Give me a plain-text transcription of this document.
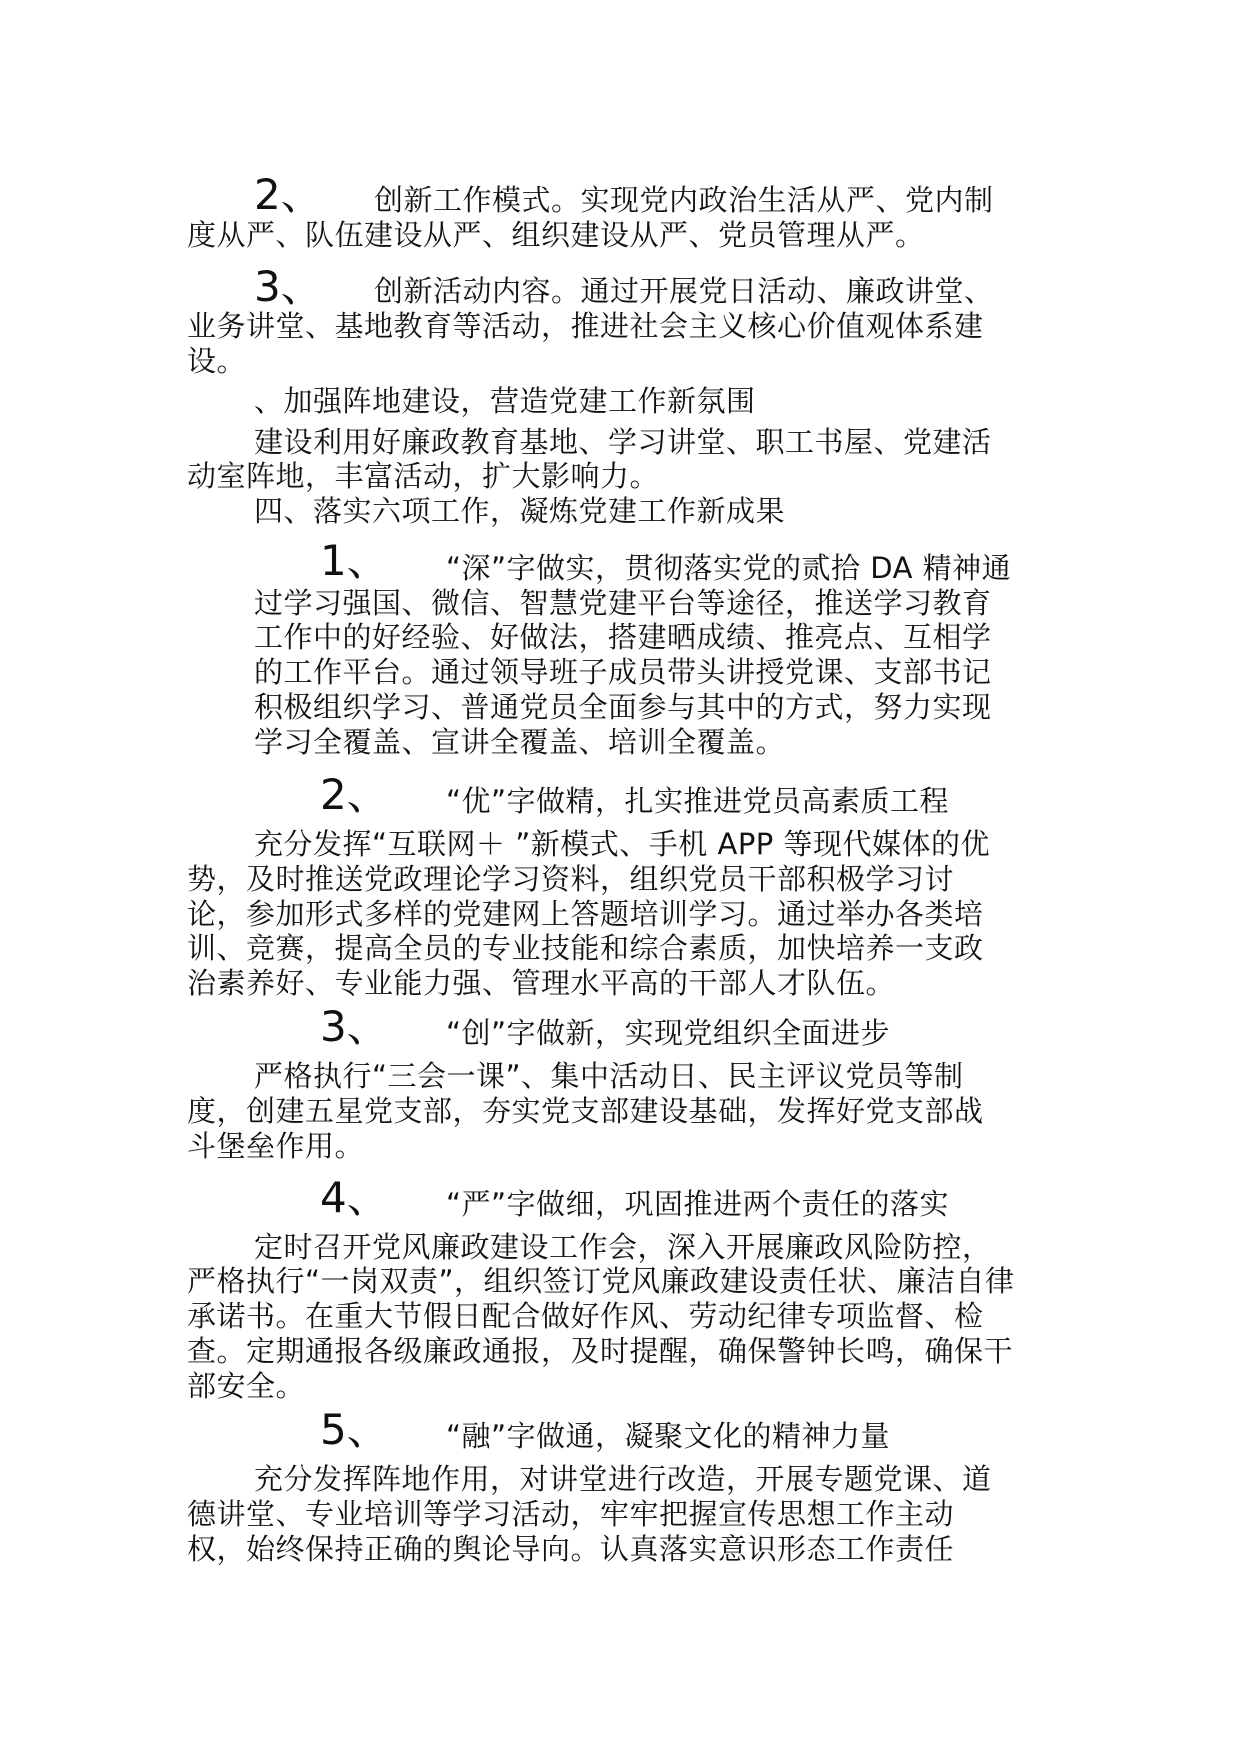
2、 创新工作模式。实现党内政治生活从严、党内制
度从严、队伍建设从严、组织建设从严、党员管理从严。
3、 创新活动内容。通过开展党日活动、廉政讲堂、
业务讲堂、基地教育等活动，推进社会主义核心价值观体系建
设。
、加强阵地建设，营造党建工作新氛围
建设利用好廉政教育基地、学习讲堂、职工书屋、党建活
动室阵地，丰富活动，扩大影响力。
四、落实六项工作，凝炼党建工作新成果
1、 “深”字做实，贯彻落实党的贰拾 DA 精神通
过学习强国、微信、智慧党建平台等途径，推送学习教育
工作中的好经验、好做法，搭建晒成绩、推亮点、互相学
的工作平台。通过领导班子成员带头讲授党课、支部书记
积极组织学习、普通党员全面参与其中的方式，努力实现
学习全覆盖、宣讲全覆盖、培训全覆盖。
2、 “优”字做精，扎实推进党员高素质工程
充分发挥“互联网＋ ”新模式、手机 APP 等现代媒体的优
势，及时推送党政理论学习资料，组织党员干部积极学习讨
论，参加形式多样的党建网上答题培训学习。通过举办各类培
训、竞赛，提高全员的专业技能和综合素质，加快培养一支政
治素养好、专业能力强、管理水平高的干部人才队伍。
3、 “创”字做新，实现党组织全面进步
严格执行“三会一课”、集中活动日、民主评议党员等制
度，创建五星党支部，夯实党支部建设基础，发挥好党支部战
斗堡垒作用。
4、 “严”字做细，巩固推进两个责任的落实
定时召开党风廉政建设工作会，深入开展廉政风险防控，
严格执行“一岗双责”，组织签订党风廉政建设责任状、廉洁自律
承诺书。在重大节假日配合做好作风、劳动纪律专项监督、检
查。定期通报各级廉政通报，及时提醒，确保警钟长鸣，确保干
部安全。
5、 “融”字做通，凝聚文化的精神力量
充分发挥阵地作用，对讲堂进行改造，开展专题党课、道
德讲堂、专业培训等学习活动，牢牢把握宣传思想工作主动
权，始终保持正确的舆论导向。认真落实意识形态工作责任
